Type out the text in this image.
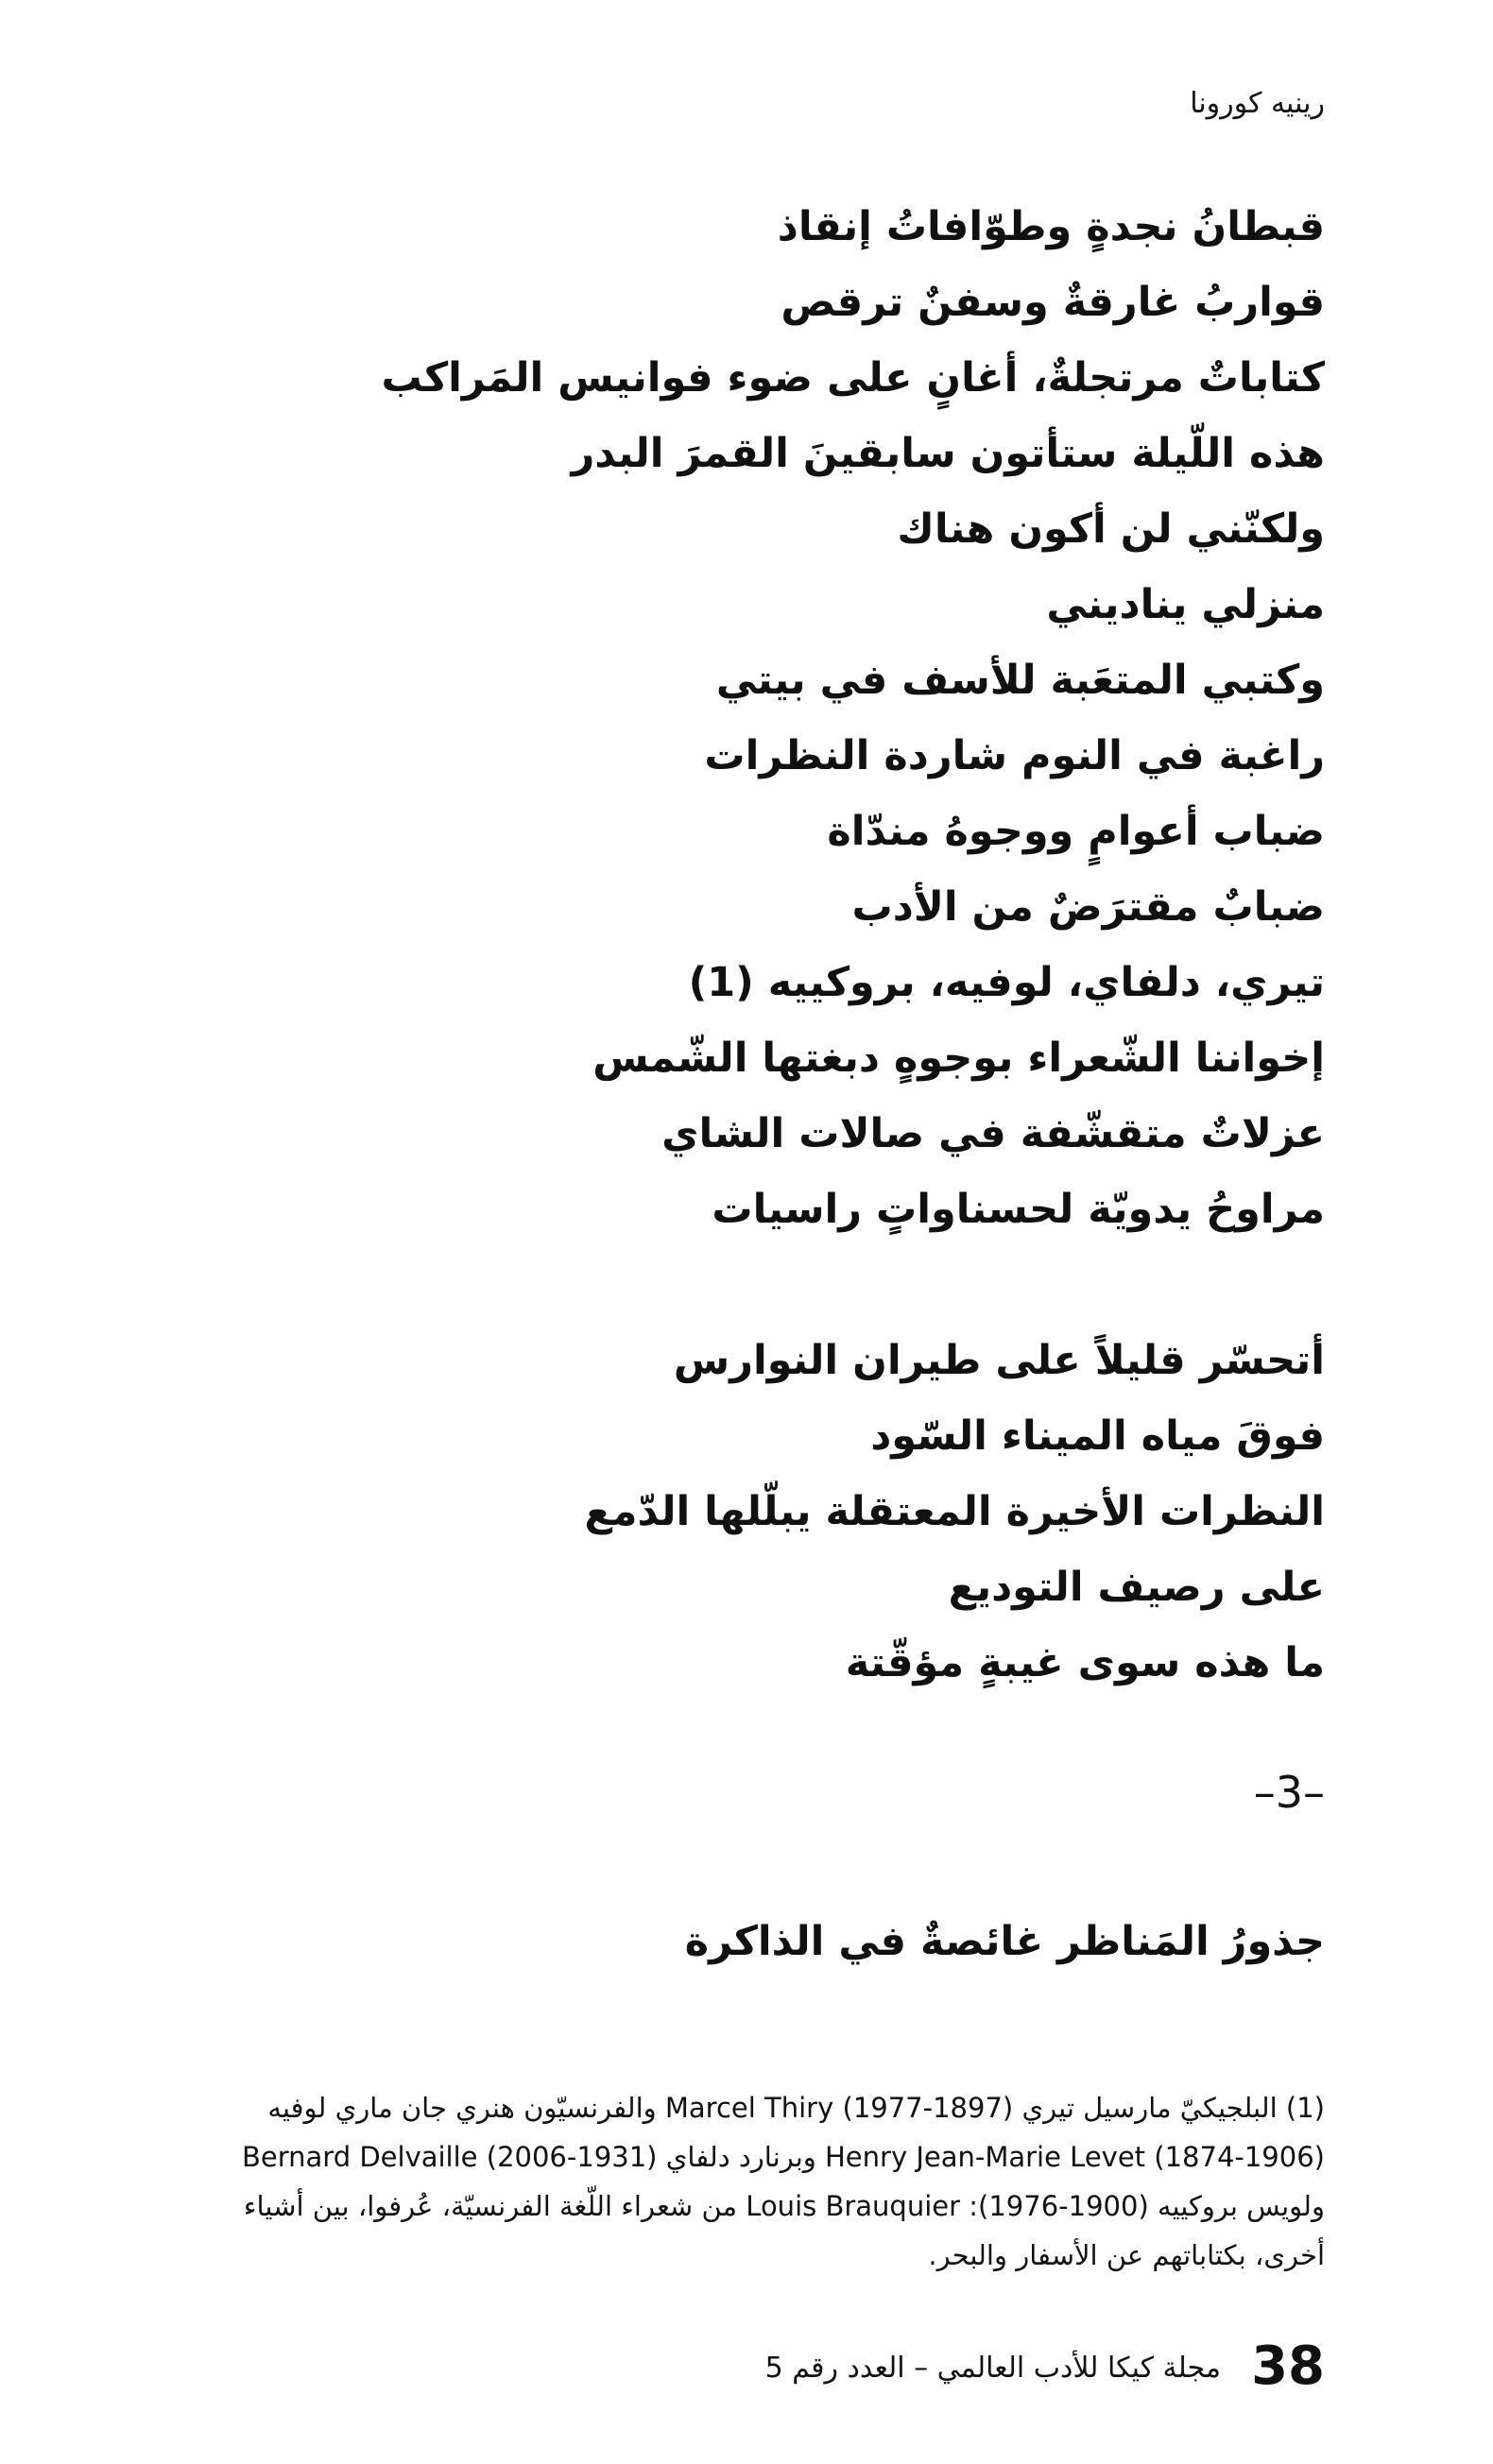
رينيه كورونا
قبطانُ نجدةٍ وطوّافاتُ إنقاذ
قواربُ غارقةٌ وسفنٌ ترقص
كتاباتٌ مرتجلةٌ، أغانٍ على ضوء فوانيس المَراكب
هذه اللّيلة ستأتون سابقينَ القمرَ البدر
ولكنّني لن أكون هناك
منزلي يناديني
وكتبي المتعَبة للأسف في بيتي
راغبة في النوم شاردة النظرات
ضباب أعوامٍ ووجوهُ مندّاة
ضبابٌ مقترَضٌ من الأدب
تيري، دلفاي، لوفيه، بروكييه (1)
إخواننا الشّعراء بوجوهٍ دبغتها الشّمس
عزلاتٌ متقشّفة في صالات الشاي
مراوحُ يدويّة لحسناواتٍ راسيات
أتحسّر قليلاً على طيران النوارس
فوقَ مياه الميناء السّود
النظرات الأخيرة المعتقلة يبلّلها الدّمع
على رصيف التوديع
ما هذه سوى غيبةٍ مؤقّتة
–3–
جذورُ المَناظر غائصةٌ في الذاكرة
(1) البلجيكيّ مارسيل تيري (1897-1977) Marcel Thiry والفرنسيّون هنري جان ماري لوفيه
(1874-1906) Henry Jean-Marie Levet وبرنارد دلفاي (1931-2006) Bernard Delvaille
ولويس بروكييه (1900-1976): Louis Brauquier من شعراء اللّغة الفرنسيّة، عُرفوا، بين أشياء
أخرى، بكتاباتهم عن الأسفار والبحر.
38
مجلة كيكا للأدب العالمي – العدد رقم 5
